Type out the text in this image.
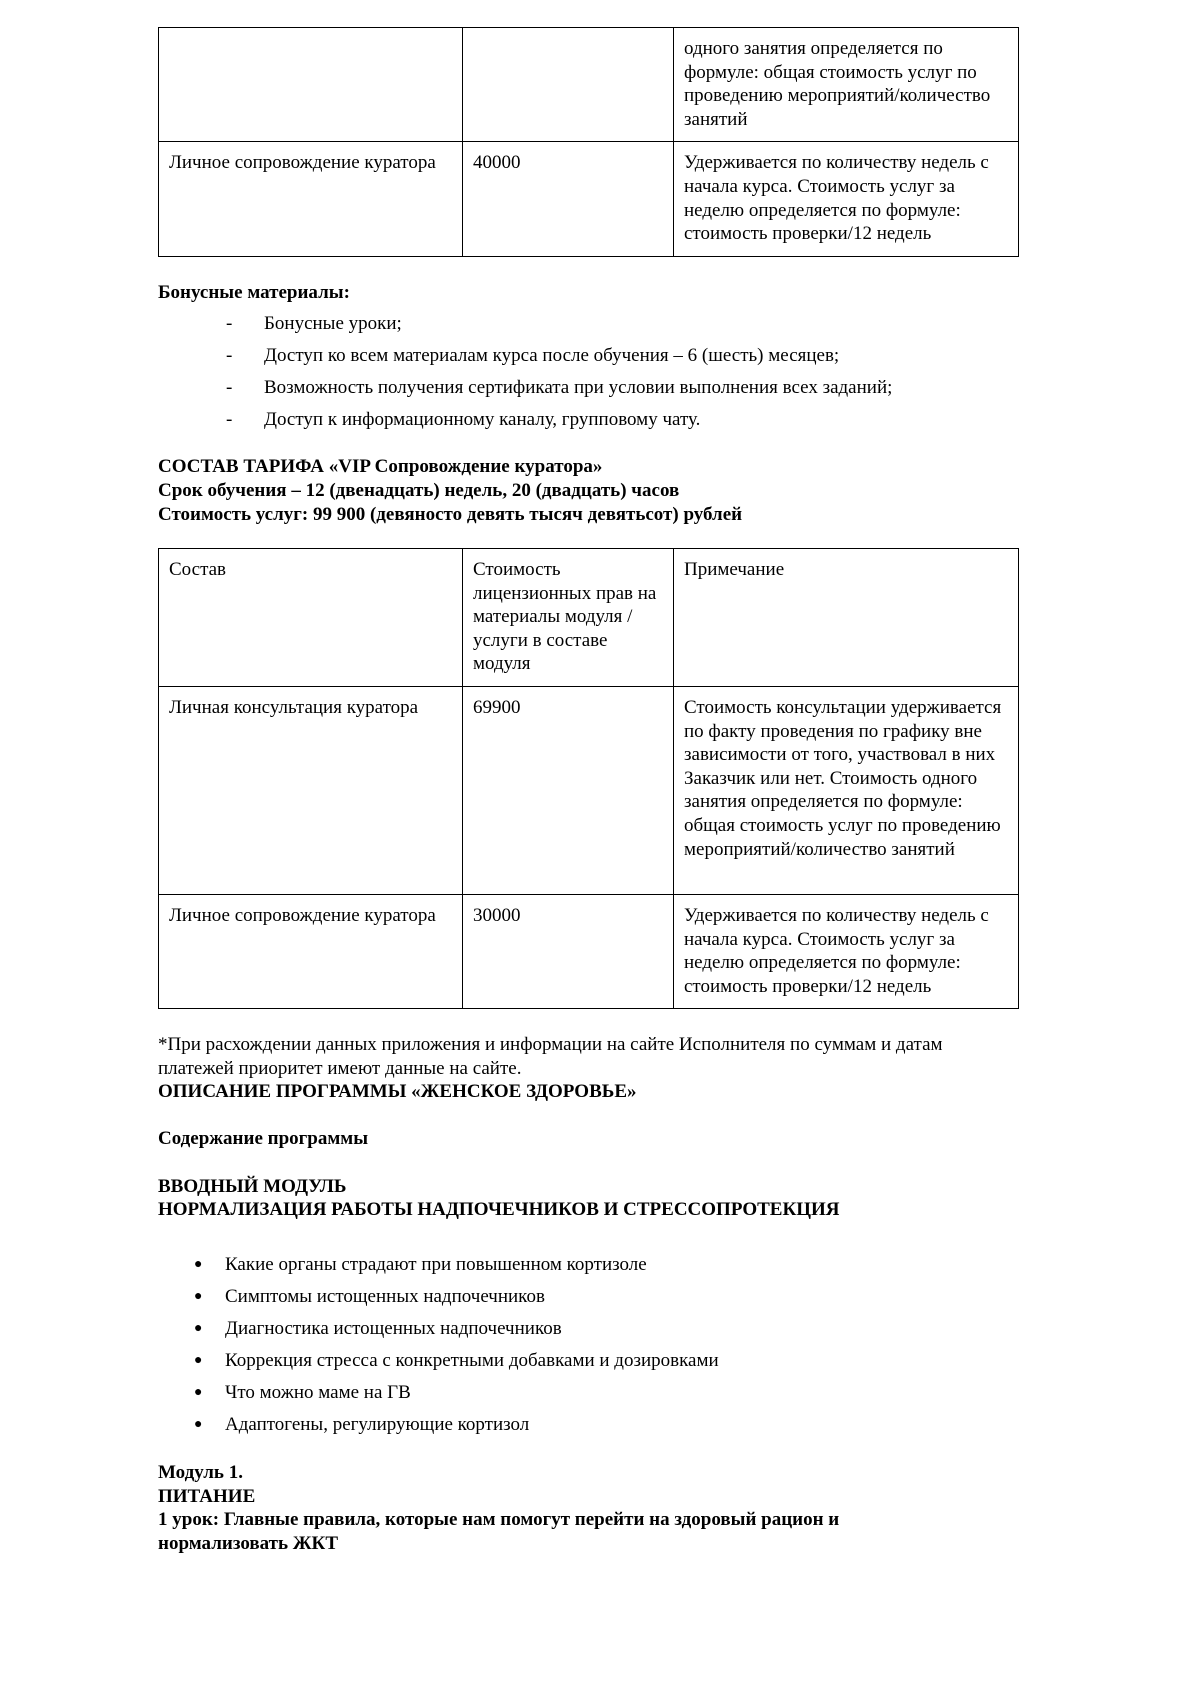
		одного занятия определяется по формуле: общая стоимость услуг по проведению мероприятий/количество занятий
Личное сопровождение куратора	40000	Удерживается по количеству недель с начала курса. Стоимость услуг за неделю определяется по формуле: стоимость проверки/12 недель
Бонусные материалы:
- Бонусные уроки;
- Доступ ко всем материалам курса после обучения – 6 (шесть) месяцев;
- Возможность получения сертификата при условии выполнения всех заданий;
- Доступ к информационному каналу, групповому чату.
СОСТАВ ТАРИФА «VIP Сопровождение куратора»
Срок обучения – 12 (двенадцать) недель, 20 (двадцать) часов
Стоимость услуг: 99 900 (девяносто девять тысяч девятьсот) рублей
Состав	Стоимость лицензионных прав на материалы модуля / услуги в составе модуля	Примечание
Личная консультация куратора	69900	Стоимость консультации удерживается по факту проведения по графику вне зависимости от того, участвовал в них Заказчик или нет. Стоимость одного занятия определяется по формуле: общая стоимость услуг по проведению мероприятий/количество занятий
Личное сопровождение куратора	30000	Удерживается по количеству недель с начала курса. Стоимость услуг за неделю определяется по формуле: стоимость проверки/12 недель
*При расхождении данных приложения и информации на сайте Исполнителя по суммам и датам платежей приоритет имеют данные на сайте.
ОПИСАНИЕ ПРОГРАММЫ «ЖЕНСКОЕ ЗДОРОВЬЕ»
Содержание программы
ВВОДНЫЙ МОДУЛЬ
НОРМАЛИЗАЦИЯ РАБОТЫ НАДПОЧЕЧНИКОВ И СТРЕССОПРОТЕКЦИЯ
● Какие органы страдают при повышенном кортизоле
● Симптомы истощенных надпочечников
● Диагностика истощенных надпочечников
● Коррекция стресса с конкретными добавками и дозировками
● Что можно маме на ГВ
● Адаптогены, регулирующие кортизол
Модуль 1.
ПИТАНИЕ
1 урок: Главные правила, которые нам помогут перейти на здоровый рацион и нормализовать ЖКТ
